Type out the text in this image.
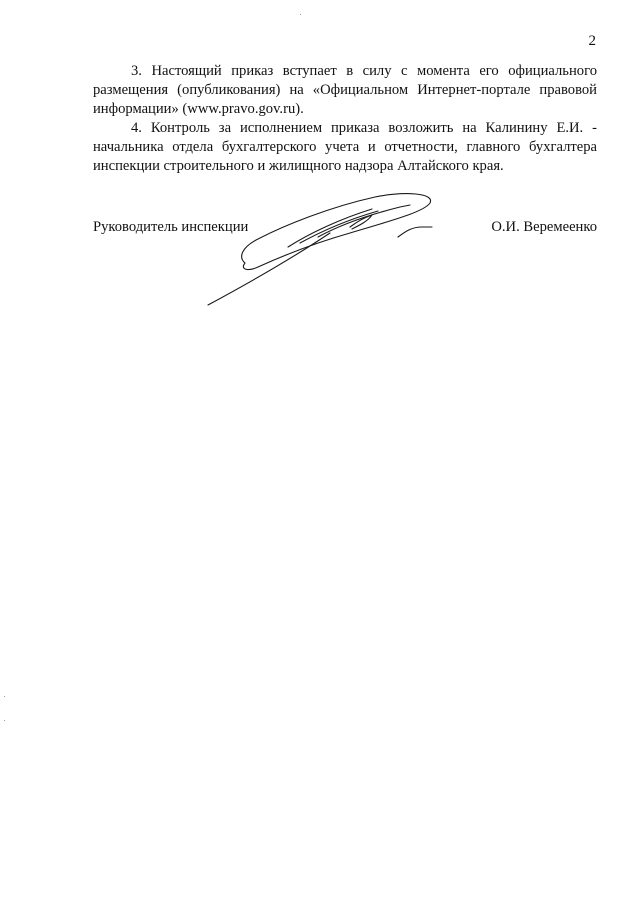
2

3. Настоящий приказ вступает в силу с момента его официального размещения (опубликования) на «Официальном Интернет-портале правовой информации» (www.pravo.gov.ru).

4. Контроль за исполнением приказа возложить на Калинину Е.И. - начальника отдела бухгалтерского учета и отчетности, главного бухгалтера инспекции строительного и жилищного надзора Алтайского края.

Руководитель инспекции	О.И. Веремеенко
